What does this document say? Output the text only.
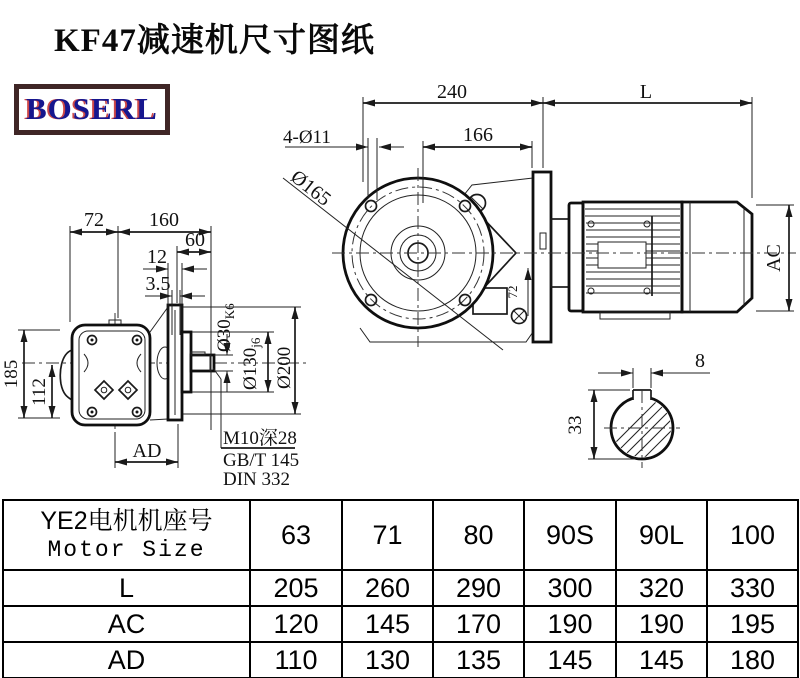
KF47减速机尺寸图纸
BOSERL
Ø165
240	L
166
4-Ø11
AC
72
72 160
60
12
3.5
$Ø30_{K6}$
$Ø130_{j6}$
Ø200
185
112
AD
M10深28
GB/T 145
DIN 332
8
33
YE2电机机座号
Motor Size	63	71	80	90S	90L	100
L	205	260	290	300	320	330
AC	120	145	170	190	190	195
AD	110	130	135	145	145	180
